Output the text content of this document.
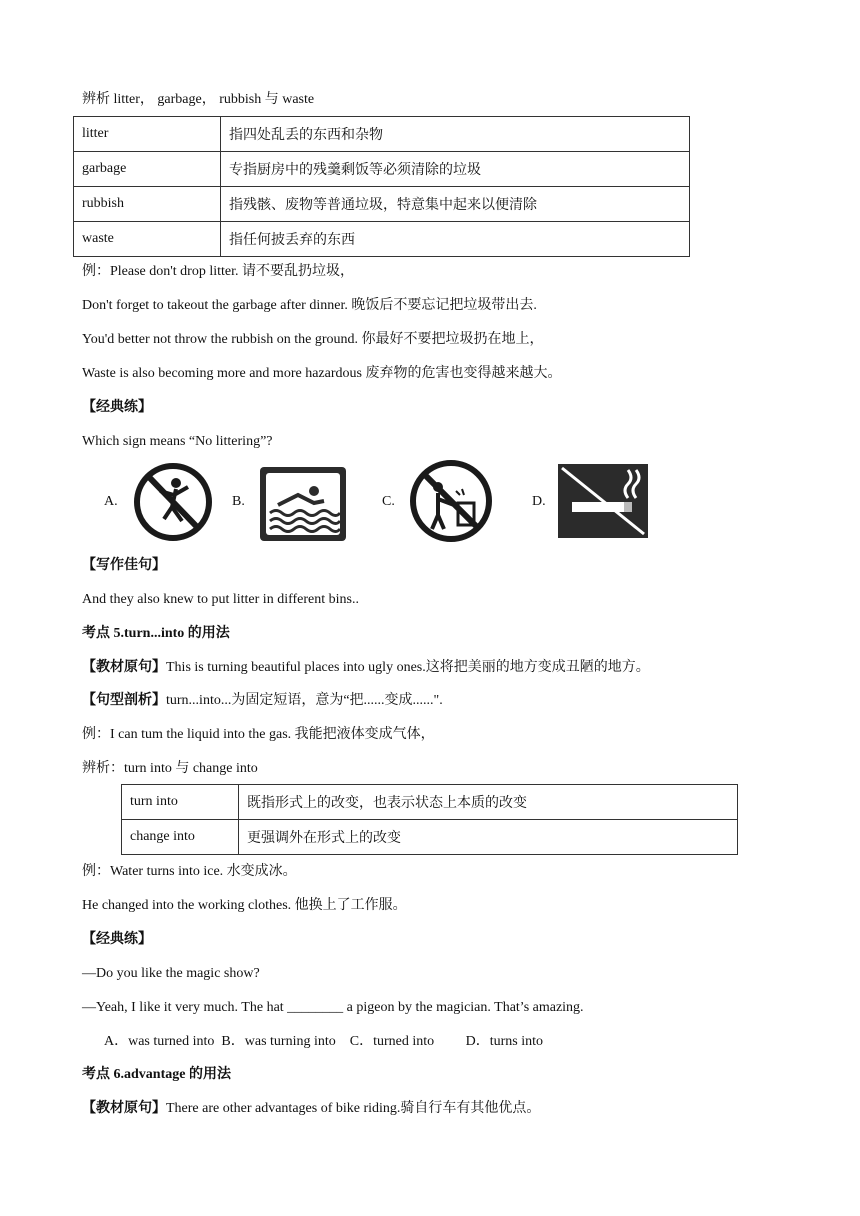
辨析 litter， garbage， rubbish 与 waste
litter	指四处乱丢的东西和杂物
garbage	专指厨房中的残羹剩饭等必须清除的垃圾
rubbish	指残骸、废物等普通垃圾，特意集中起来以便清除
waste	指任何披丢弃的东西
例：Please don't drop litter. 请不要乱扔垃圾，
Don't forget to takeout the garbage after dinner. 晚饭后不要忘记把垃圾带出去.
You'd better not throw the rubbish on the ground. 你最好不要把垃圾扔在地上，
Waste is also becoming more and more hazardous 废弃物的危害也变得越来越大。
【经典练】
Which sign means “No littering”?
A.	B.	C.	D.
【写作佳句】
And they also knew to put litter in different bins..
考点 5.turn...into 的用法
【教材原句】This is turning beautiful places into ugly ones.这将把美丽的地方变成丑陋的地方。
【句型剖析】turn...into...为固定短语，意为“把......变成......".
例：I can tum the liquid into the gas. 我能把液体变成气体，
辨析：turn into 与 change into
turn into	既指形式上的改变，也表示状态上本质的改变
change into	更强调外在形式上的改变
例：Water turns into ice. 水变成冰。
He changed into the working clothes. 他换上了工作服。
【经典练】
—Do you like the magic show?
—Yeah, I like it very much. The hat ________ a pigeon by the magician. That’s amazing.
A．was turned into  B．was turning into    C．turned into         D．turns into
考点 6.advantage 的用法
【教材原句】There are other advantages of bike riding.骑自行车有其他优点。
